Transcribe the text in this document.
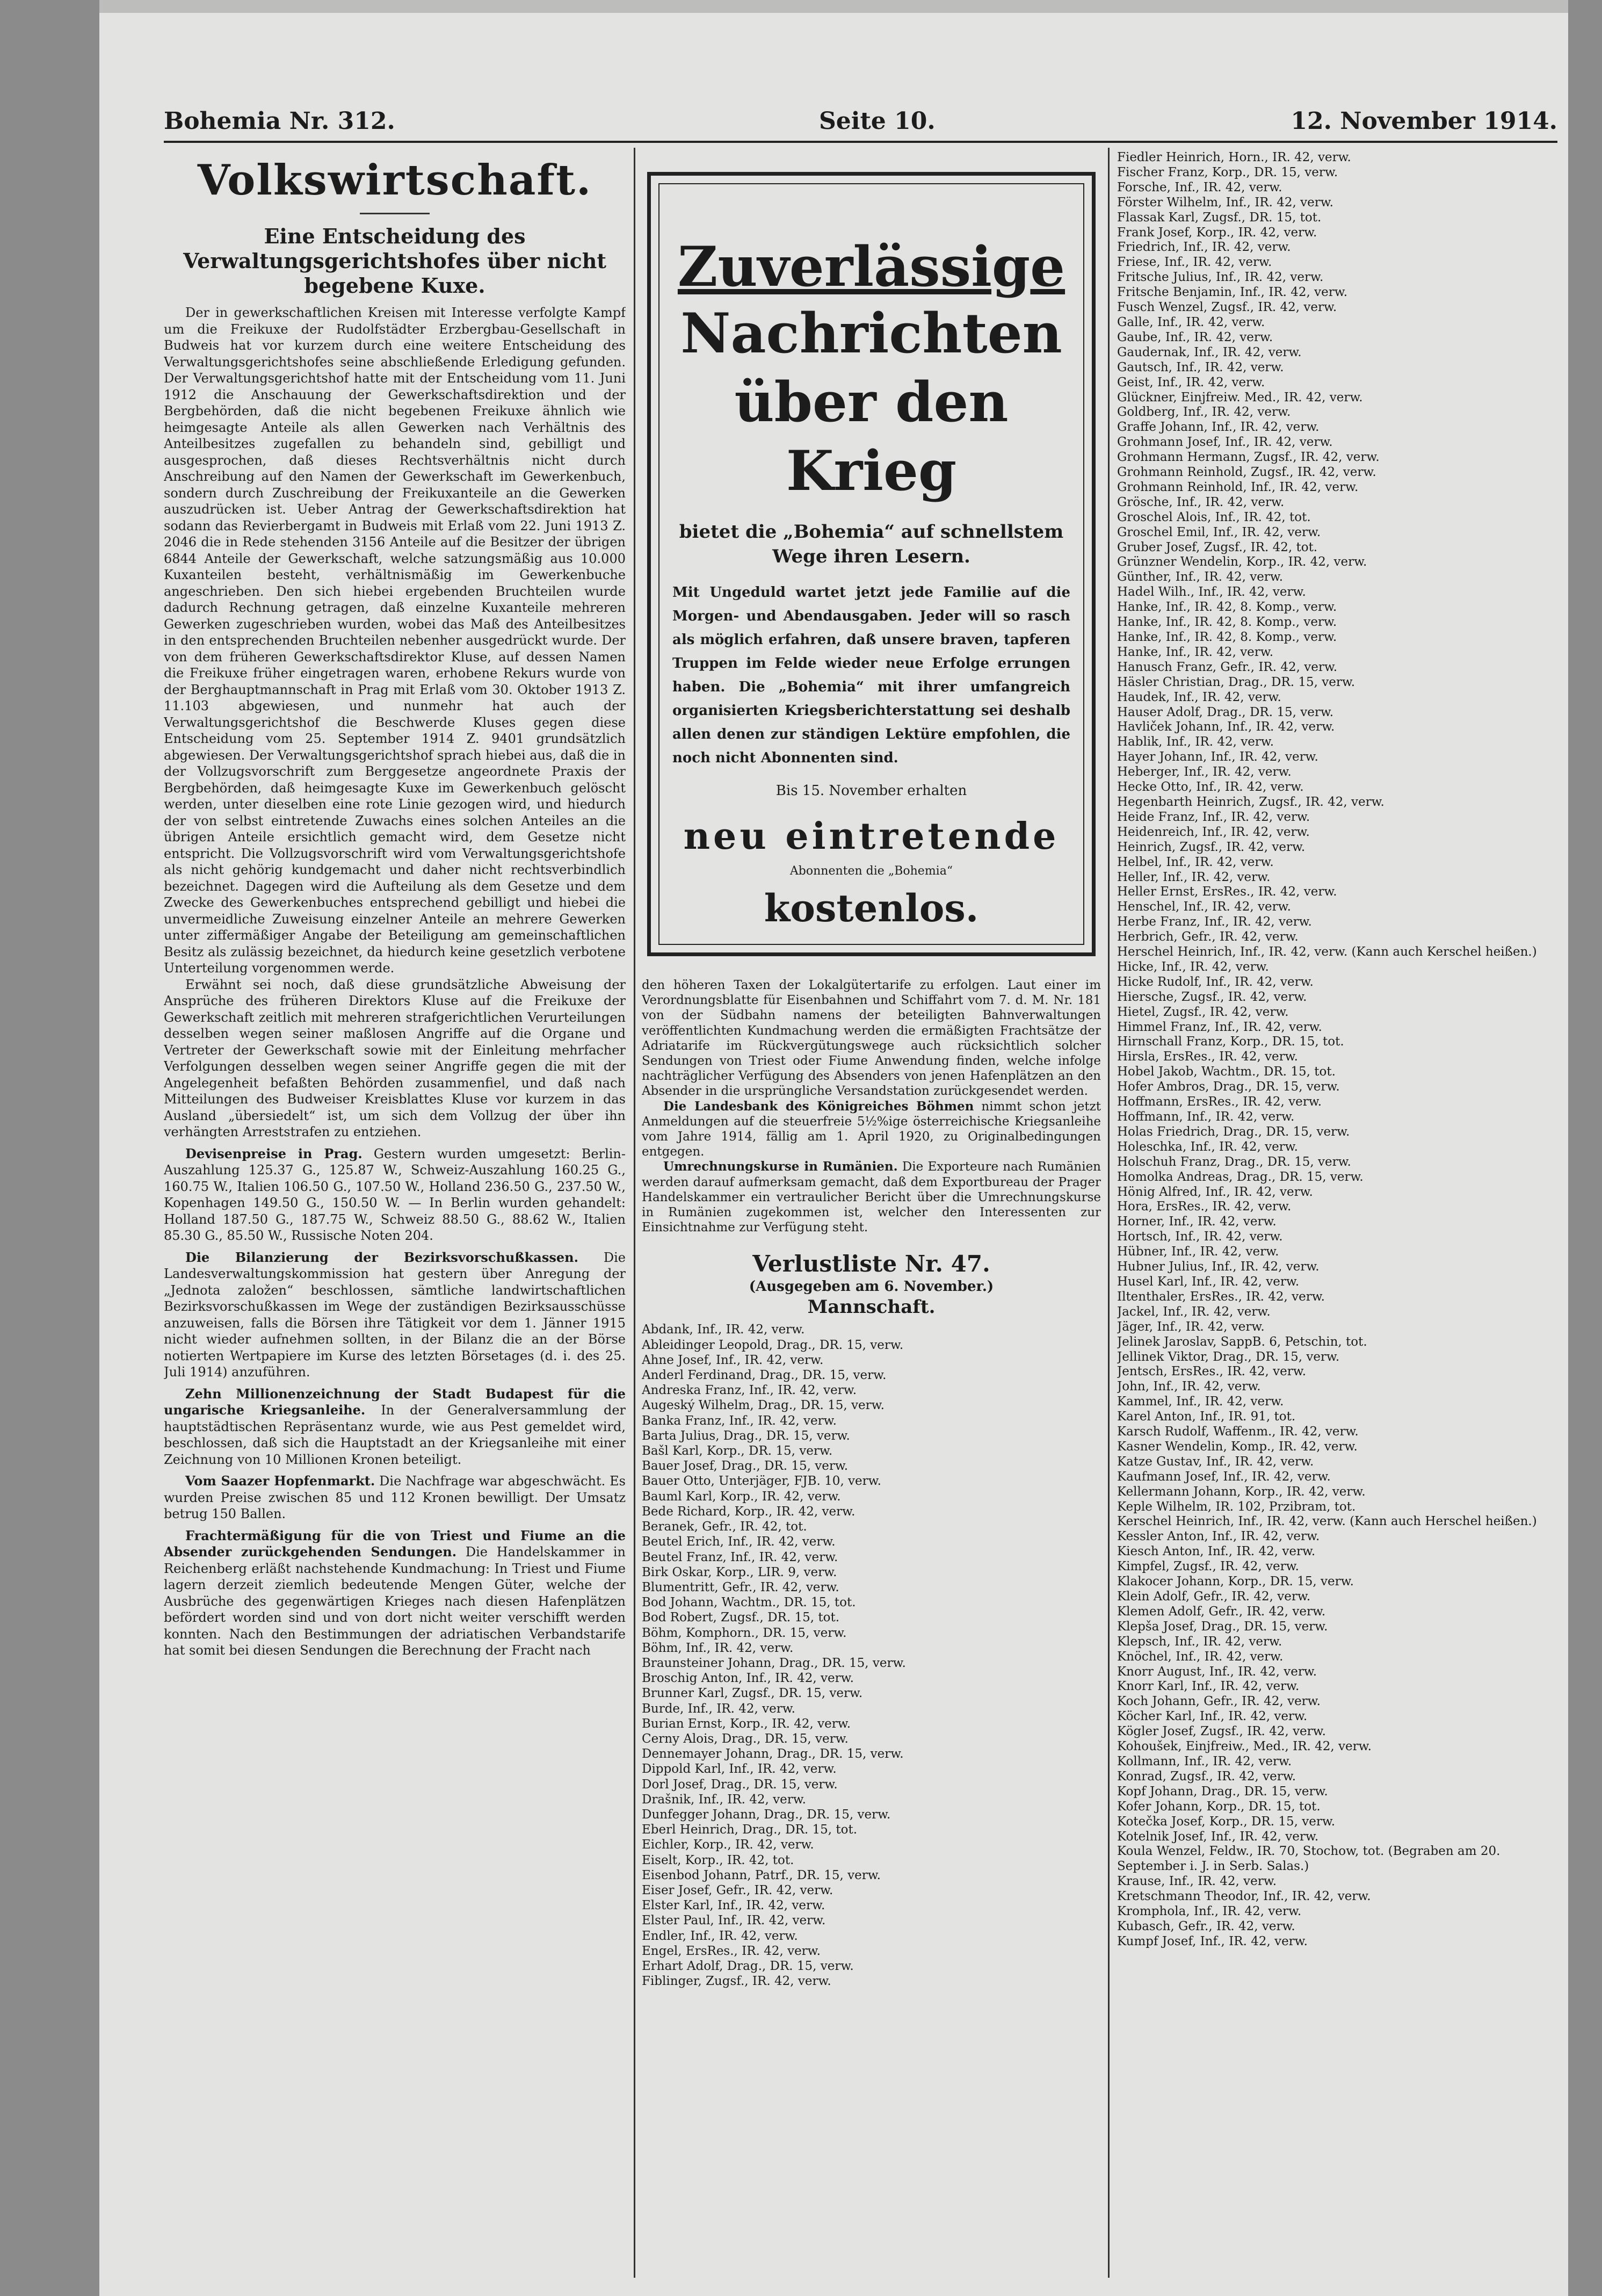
Bohemia Nr. 312.	Seite 10.	12. November 1914.
Volkswirtschaft.
Eine Entscheidung des Verwaltungsgerichtshofes über nicht begebene Kuxe.

Der in gewerkschaftlichen Kreisen mit Interesse verfolgte Kampf um die Freikuxe der Rudolfstädter Erzbergbau-Gesellschaft in Budweis hat vor kurzem durch eine weitere Entscheidung des Verwaltungsgerichtshofes seine abschließende Erledigung gefunden. Der Verwaltungsgerichtshof hatte mit der Entscheidung vom 11. Juni 1912 die Anschauung der Gewerkschaftsdirektion und der Bergbehörden, daß die nicht begebenen Freikuxe ähnlich wie heimgesagte Anteile als allen Gewerken nach Verhältnis des Anteilbesitzes zugefallen zu behandeln sind, gebilligt und ausgesprochen, daß dieses Rechtsverhältnis nicht durch Anschreibung auf den Namen der Gewerkschaft im Gewerkenbuch, sondern durch Zuschreibung der Freikuxanteile an die Gewerken auszudrücken ist. Ueber Antrag der Gewerkschaftsdirektion hat sodann das Revierbergamt in Budweis mit Erlaß vom 22. Juni 1913 Z. 2046 die in Rede stehenden 3156 Anteile auf die Besitzer der übrigen 6844 Anteile der Gewerkschaft, welche satzungsmäßig aus 10.000 Kuxanteilen besteht, verhältnismäßig im Gewerkenbuche angeschrieben. Den sich hiebei ergebenden Bruchteilen wurde dadurch Rechnung getragen, daß einzelne Kuxanteile mehreren Gewerken zugeschrieben wurden, wobei das Maß des Anteilbesitzes in den entsprechenden Bruchteilen nebenher ausgedrückt wurde. Der von dem früheren Gewerkschaftsdirektor Kluse, auf dessen Namen die Freikuxe früher eingetragen waren, erhobene Rekurs wurde von der Berghauptmannschaft in Prag mit Erlaß vom 30. Oktober 1913 Z. 11.103 abgewiesen, und nunmehr hat auch der Verwaltungsgerichtshof die Beschwerde Kluses gegen diese Entscheidung vom 25. September 1914 Z. 9401 grundsätzlich abgewiesen. Der Verwaltungsgerichtshof sprach hiebei aus, daß die in der Vollzugsvorschrift zum Berggesetze angeordnete Praxis der Bergbehörden, daß heimgesagte Kuxe im Gewerkenbuch gelöscht werden, unter dieselben eine rote Linie gezogen wird, und hiedurch der von selbst eintretende Zuwachs eines solchen Anteiles an die übrigen Anteile ersichtlich gemacht wird, dem Gesetze nicht entspricht. Die Vollzugsvorschrift wird vom Verwaltungsgerichtshofe als nicht gehörig kundgemacht und daher nicht rechtsverbindlich bezeichnet. Dagegen wird die Aufteilung als dem Gesetze und dem Zwecke des Gewerkenbuches entsprechend gebilligt und hiebei die unvermeidliche Zuweisung einzelner Anteile an mehrere Gewerken unter ziffermäßiger Angabe der Beteiligung am gemeinschaftlichen Besitz als zulässig bezeichnet, da hiedurch keine gesetzlich verbotene Unterteilung vorgenommen werde.

Erwähnt sei noch, daß diese grundsätzliche Abweisung der Ansprüche des früheren Direktors Kluse auf die Freikuxe der Gewerkschaft zeitlich mit mehreren strafgerichtlichen Verurteilungen desselben wegen seiner maßlosen Angriffe auf die Organe und Vertreter der Gewerkschaft sowie mit der Einleitung mehrfacher Verfolgungen desselben wegen seiner Angriffe gegen die mit der Angelegenheit befaßten Behörden zusammenfiel, und daß nach Mitteilungen des Budweiser Kreisblattes Kluse vor kurzem in das Ausland „übersiedelt“ ist, um sich dem Vollzug der über ihn verhängten Arreststrafen zu entziehen.

Devisenpreise in Prag. Gestern wurden umgesetzt: Berlin-Auszahlung 125.37 G., 125.87 W., Schweiz-Auszahlung 160.25 G., 160.75 W., Italien 106.50 G., 107.50 W., Holland 236.50 G., 237.50 W., Kopenhagen 149.50 G., 150.50 W. — In Berlin wurden gehandelt: Holland 187.50 G., 187.75 W., Schweiz 88.50 G., 88.62 W., Italien 85.30 G., 85.50 W., Russische Noten 204.

Die Bilanzierung der Bezirksvorschußkassen. Die Landesverwaltungskommission hat gestern über Anregung der „Jednota založen“ beschlossen, sämtliche landwirtschaftlichen Bezirksvorschußkassen im Wege der zuständigen Bezirksausschüsse anzuweisen, falls die Börsen ihre Tätigkeit vor dem 1. Jänner 1915 nicht wieder aufnehmen sollten, in der Bilanz die an der Börse notierten Wertpapiere im Kurse des letzten Börsetages (d. i. des 25. Juli 1914) anzuführen.

Zehn Millionenzeichnung der Stadt Budapest für die ungarische Kriegsanleihe. In der Generalversammlung der hauptstädtischen Repräsentanz wurde, wie aus Pest gemeldet wird, beschlossen, daß sich die Hauptstadt an der Kriegsanleihe mit einer Zeichnung von 10 Millionen Kronen beteiligt.

Vom Saazer Hopfenmarkt. Die Nachfrage war abgeschwächt. Es wurden Preise zwischen 85 und 112 Kronen bewilligt. Der Umsatz betrug 150 Ballen.

Frachtermäßigung für die von Triest und Fiume an die Absender zurückgehenden Sendungen. Die Handelskammer in Reichenberg erläßt nachstehende Kundmachung: In Triest und Fiume lagern derzeit ziemlich bedeutende Mengen Güter, welche der Ausbrüche des gegenwärtigen Krieges nach diesen Hafenplätzen befördert worden sind und von dort nicht weiter verschifft werden konnten. Nach den Bestimmungen der adriatischen Verbandstarife hat somit bei diesen Sendungen die Berechnung der Fracht nach

Zuverlässige
Nachrichten über den Krieg
bietet die „Bohemia“ auf schnellstem Wege ihren Lesern.
Mit Ungeduld wartet jetzt jede Familie auf die Morgen- und Abendausgaben. Jeder will so rasch als möglich erfahren, daß unsere braven, tapferen Truppen im Felde wieder neue Erfolge errungen haben. Die „Bohemia“ mit ihrer umfangreich organisierten Kriegsberichterstattung sei deshalb allen denen zur ständigen Lektüre empfohlen, die noch nicht Abonnenten sind.
Bis 15. November erhalten
neu eintretende
Abonnenten die „Bohemia“
kostenlos.

den höheren Taxen der Lokalgütertarife zu erfolgen. Laut einer im Verordnungsblatte für Eisenbahnen und Schiffahrt vom 7. d. M. Nr. 181 von der Südbahn namens der beteiligten Bahnverwaltungen veröffentlichten Kundmachung werden die ermäßigten Frachtsätze der Adriatarife im Rückvergütungswege auch rücksichtlich solcher Sendungen von Triest oder Fiume Anwendung finden, welche infolge nachträglicher Verfügung des Absenders von jenen Hafenplätzen an den Absender in die ursprüngliche Versandstation zurückgesendet werden.

Die Landesbank des Königreiches Böhmen nimmt schon jetzt Anmeldungen auf die steuerfreie 5½%ige österreichische Kriegsanleihe vom Jahre 1914, fällig am 1. April 1920, zu Originalbedingungen entgegen.

Umrechnungskurse in Rumänien. Die Exporteure nach Rumänien werden darauf aufmerksam gemacht, daß dem Exportbureau der Prager Handelskammer ein vertraulicher Bericht über die Umrechnungskurse in Rumänien zugekommen ist, welcher den Interessenten zur Einsichtnahme zur Verfügung steht.

Verlustliste Nr. 47.
(Ausgegeben am 6. November.)
Mannschaft.
Abdank, Inf., IR. 42, verw.
Ableidinger Leopold, Drag., DR. 15, verw.
Ahne Josef, Inf., IR. 42, verw.
Anderl Ferdinand, Drag., DR. 15, verw.
Andreska Franz, Inf., IR. 42, verw.
Augeský Wilhelm, Drag., DR. 15, verw.
Banka Franz, Inf., IR. 42, verw.
Barta Julius, Drag., DR. 15, verw.
Bašl Karl, Korp., DR. 15, verw.
Bauer Josef, Drag., DR. 15, verw.
Bauer Otto, Unterjäger, FJB. 10, verw.
Bauml Karl, Korp., IR. 42, verw.
Bede Richard, Korp., IR. 42, verw.
Beranek, Gefr., IR. 42, tot.
Beutel Erich, Inf., IR. 42, verw.
Beutel Franz, Inf., IR. 42, verw.
Birk Oskar, Korp., LIR. 9, verw.
Blumentritt, Gefr., IR. 42, verw.
Bod Johann, Wachtm., DR. 15, tot.
Bod Robert, Zugsf., DR. 15, tot.
Böhm, Komphorn., DR. 15, verw.
Böhm, Inf., IR. 42, verw.
Braunsteiner Johann, Drag., DR. 15, verw.
Broschig Anton, Inf., IR. 42, verw.
Brunner Karl, Zugsf., DR. 15, verw.
Burde, Inf., IR. 42, verw.
Burian Ernst, Korp., IR. 42, verw.
Cerny Alois, Drag., DR. 15, verw.
Dennemayer Johann, Drag., DR. 15, verw.
Dippold Karl, Inf., IR. 42, verw.
Dorl Josef, Drag., DR. 15, verw.
Drašnik, Inf., IR. 42, verw.
Dunfegger Johann, Drag., DR. 15, verw.
Eberl Heinrich, Drag., DR. 15, tot.
Eichler, Korp., IR. 42, verw.
Eiselt, Korp., IR. 42, tot.
Eisenbod Johann, Patrf., DR. 15, verw.
Eiser Josef, Gefr., IR. 42, verw.
Elster Karl, Inf., IR. 42, verw.
Elster Paul, Inf., IR. 42, verw.
Endler, Inf., IR. 42, verw.
Engel, ErsRes., IR. 42, verw.
Erhart Adolf, Drag., DR. 15, verw.
Fiblinger, Zugsf., IR. 42, verw.
Fiedler Heinrich, Horn., IR. 42, verw.
Fischer Franz, Korp., DR. 15, verw.
Forsche, Inf., IR. 42, verw.
Förster Wilhelm, Inf., IR. 42, verw.
Flassak Karl, Zugsf., DR. 15, tot.
Frank Josef, Korp., IR. 42, verw.
Friedrich, Inf., IR. 42, verw.
Friese, Inf., IR. 42, verw.
Fritsche Julius, Inf., IR. 42, verw.
Fritsche Benjamin, Inf., IR. 42, verw.
Fusch Wenzel, Zugsf., IR. 42, verw.
Galle, Inf., IR. 42, verw.
Gaube, Inf., IR. 42, verw.
Gaudernak, Inf., IR. 42, verw.
Gautsch, Inf., IR. 42, verw.
Geist, Inf., IR. 42, verw.
Glückner, Einjfreiw. Med., IR. 42, verw.
Goldberg, Inf., IR. 42, verw.
Graffe Johann, Inf., IR. 42, verw.
Grohmann Josef, Inf., IR. 42, verw.
Grohmann Hermann, Zugsf., IR. 42, verw.
Grohmann Reinhold, Zugsf., IR. 42, verw.
Grohmann Reinhold, Inf., IR. 42, verw.
Grösche, Inf., IR. 42, verw.
Groschel Alois, Inf., IR. 42, tot.
Groschel Emil, Inf., IR. 42, verw.
Gruber Josef, Zugsf., IR. 42, tot.
Grünzner Wendelin, Korp., IR. 42, verw.
Günther, Inf., IR. 42, verw.
Hadel Wilh., Inf., IR. 42, verw.
Hanke, Inf., IR. 42, 8. Komp., verw.
Hanke, Inf., IR. 42, 8. Komp., verw.
Hanke, Inf., IR. 42, 8. Komp., verw.
Hanke, Inf., IR. 42, verw.
Hanusch Franz, Gefr., IR. 42, verw.
Häsler Christian, Drag., DR. 15, verw.
Haudek, Inf., IR. 42, verw.
Hauser Adolf, Drag., DR. 15, verw.
Havliček Johann, Inf., IR. 42, verw.
Hablik, Inf., IR. 42, verw.
Hayer Johann, Inf., IR. 42, verw.
Heberger, Inf., IR. 42, verw.
Hecke Otto, Inf., IR. 42, verw.
Hegenbarth Heinrich, Zugsf., IR. 42, verw.
Heide Franz, Inf., IR. 42, verw.
Heidenreich, Inf., IR. 42, verw.
Heinrich, Zugsf., IR. 42, verw.
Helbel, Inf., IR. 42, verw.
Heller, Inf., IR. 42, verw.
Heller Ernst, ErsRes., IR. 42, verw.
Henschel, Inf., IR. 42, verw.
Herbe Franz, Inf., IR. 42, verw.
Herbrich, Gefr., IR. 42, verw.
Herschel Heinrich, Inf., IR. 42, verw. (Kann auch Kerschel heißen.)
Hicke, Inf., IR. 42, verw.
Hicke Rudolf, Inf., IR. 42, verw.
Hiersche, Zugsf., IR. 42, verw.
Hietel, Zugsf., IR. 42, verw.
Himmel Franz, Inf., IR. 42, verw.
Hirnschall Franz, Korp., DR. 15, tot.
Hirsla, ErsRes., IR. 42, verw.
Hobel Jakob, Wachtm., DR. 15, tot.
Hofer Ambros, Drag., DR. 15, verw.
Hoffmann, ErsRes., IR. 42, verw.
Hoffmann, Inf., IR. 42, verw.
Holas Friedrich, Drag., DR. 15, verw.
Holeschka, Inf., IR. 42, verw.
Holschuh Franz, Drag., DR. 15, verw.
Homolka Andreas, Drag., DR. 15, verw.
Hönig Alfred, Inf., IR. 42, verw.
Hora, ErsRes., IR. 42, verw.
Horner, Inf., IR. 42, verw.
Hortsch, Inf., IR. 42, verw.
Hübner, Inf., IR. 42, verw.
Hubner Julius, Inf., IR. 42, verw.
Husel Karl, Inf., IR. 42, verw.
Iltenthaler, ErsRes., IR. 42, verw.
Jackel, Inf., IR. 42, verw.
Jäger, Inf., IR. 42, verw.
Jelinek Jaroslav, SappB. 6, Petschin, tot.
Jellinek Viktor, Drag., DR. 15, verw.
Jentsch, ErsRes., IR. 42, verw.
John, Inf., IR. 42, verw.
Kammel, Inf., IR. 42, verw.
Karel Anton, Inf., IR. 91, tot.
Karsch Rudolf, Waffenm., IR. 42, verw.
Kasner Wendelin, Komp., IR. 42, verw.
Katze Gustav, Inf., IR. 42, verw.
Kaufmann Josef, Inf., IR. 42, verw.
Kellermann Johann, Korp., IR. 42, verw.
Keple Wilhelm, IR. 102, Przibram, tot.
Kerschel Heinrich, Inf., IR. 42, verw. (Kann auch Herschel heißen.)
Kessler Anton, Inf., IR. 42, verw.
Kiesch Anton, Inf., IR. 42, verw.
Kimpfel, Zugsf., IR. 42, verw.
Klakocer Johann, Korp., DR. 15, verw.
Klein Adolf, Gefr., IR. 42, verw.
Klemen Adolf, Gefr., IR. 42, verw.
Klepša Josef, Drag., DR. 15, verw.
Klepsch, Inf., IR. 42, verw.
Knöchel, Inf., IR. 42, verw.
Knorr August, Inf., IR. 42, verw.
Knorr Karl, Inf., IR. 42, verw.
Koch Johann, Gefr., IR. 42, verw.
Köcher Karl, Inf., IR. 42, verw.
Kögler Josef, Zugsf., IR. 42, verw.
Kohoušek, Einjfreiw., Med., IR. 42, verw.
Kollmann, Inf., IR. 42, verw.
Konrad, Zugsf., IR. 42, verw.
Kopf Johann, Drag., DR. 15, verw.
Kofer Johann, Korp., DR. 15, tot.
Kotečka Josef, Korp., DR. 15, verw.
Kotelnik Josef, Inf., IR. 42, verw.
Koula Wenzel, Feldw., IR. 70, Stochow, tot. (Begraben am 20. September i. J. in Serb. Salas.)
Krause, Inf., IR. 42, verw.
Kretschmann Theodor, Inf., IR. 42, verw.
Kromphola, Inf., IR. 42, verw.
Kubasch, Gefr., IR. 42, verw.
Kumpf Josef, Inf., IR. 42, verw.
